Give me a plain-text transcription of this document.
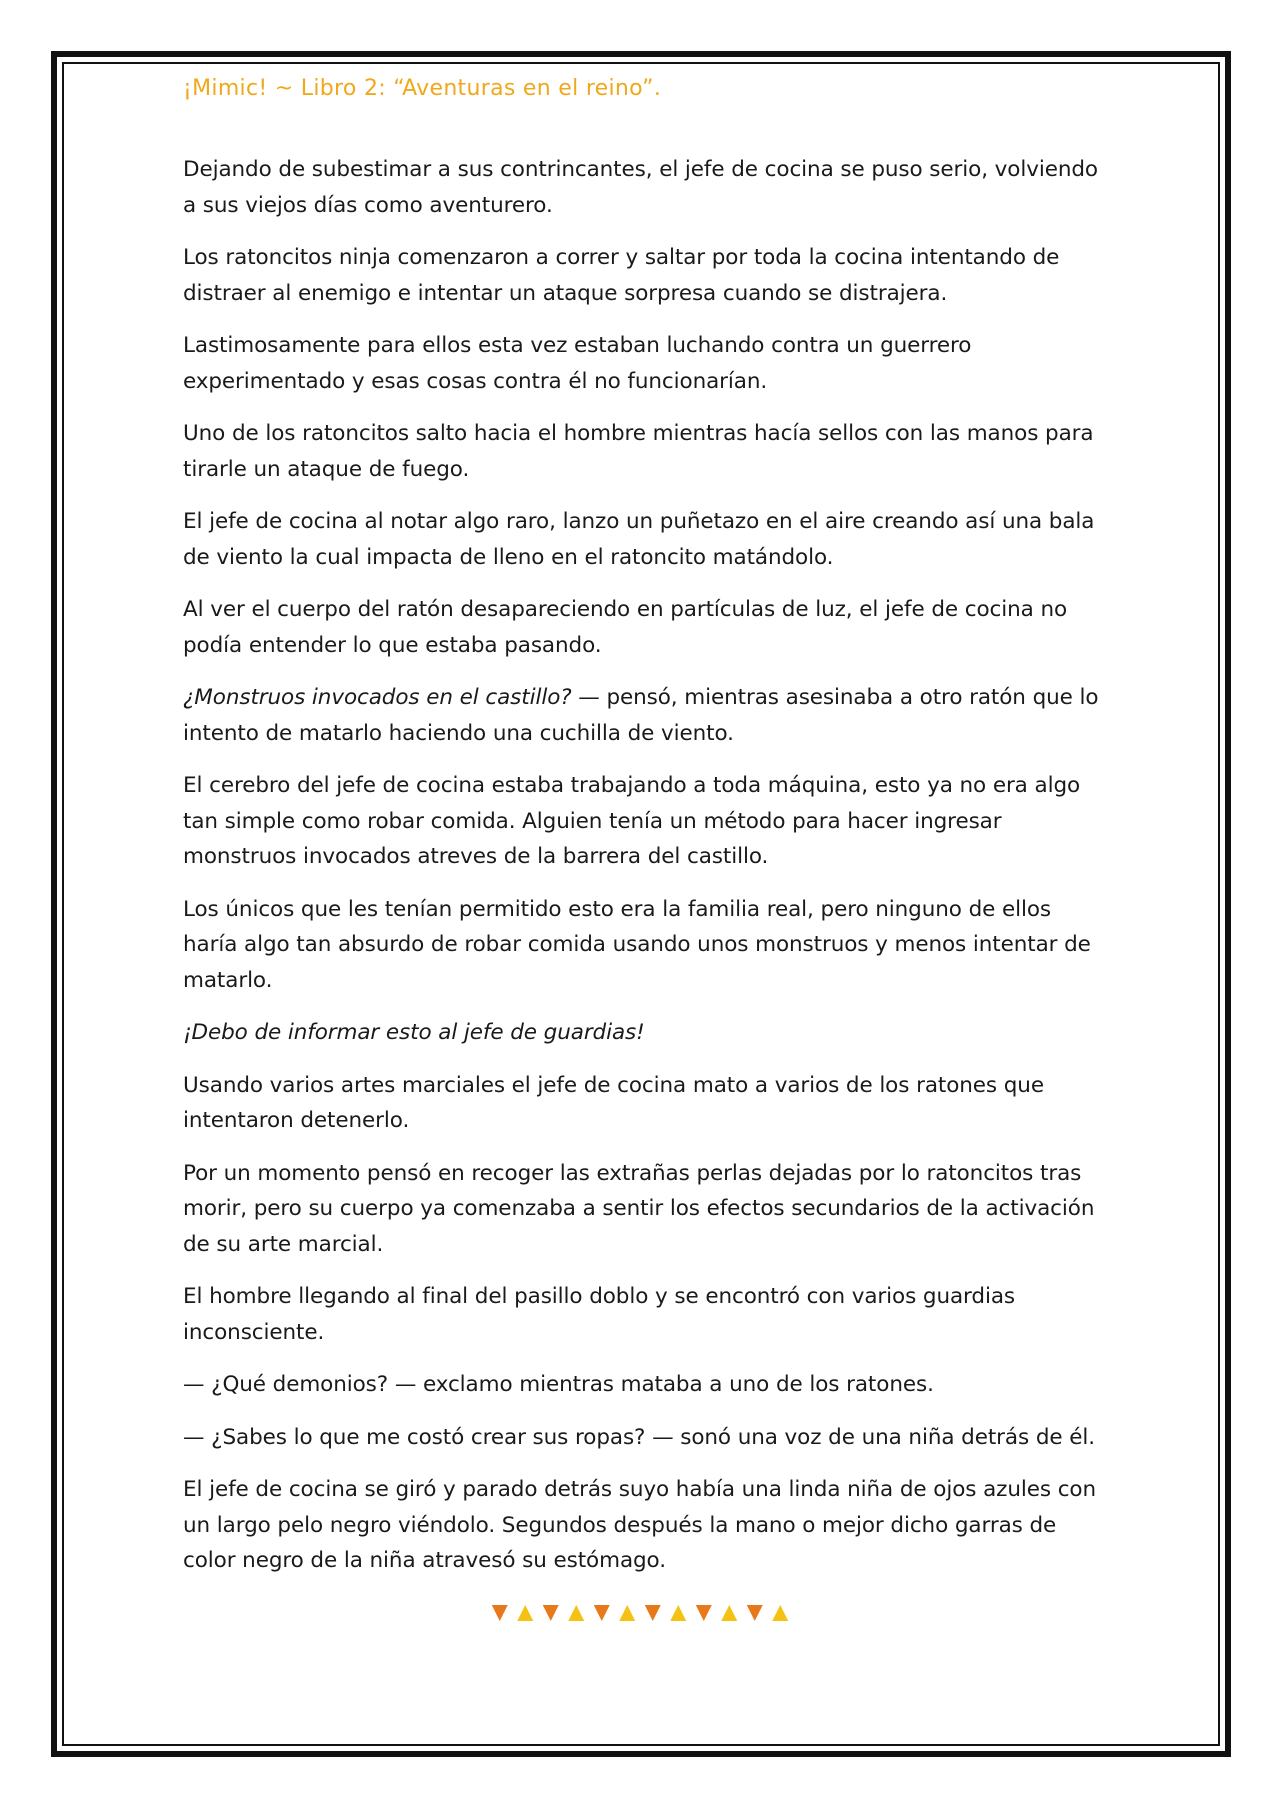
¡Mimic! ~ Libro 2: “Aventuras en el reino”.

Dejando de subestimar a sus contrincantes, el jefe de cocina se puso serio, volviendo a sus viejos días como aventurero.

Los ratoncitos ninja comenzaron a correr y saltar por toda la cocina intentando de distraer al enemigo e intentar un ataque sorpresa cuando se distrajera.

Lastimosamente para ellos esta vez estaban luchando contra un guerrero experimentado y esas cosas contra él no funcionarían.

Uno de los ratoncitos salto hacia el hombre mientras hacía sellos con las manos para tirarle un ataque de fuego.

El jefe de cocina al notar algo raro, lanzo un puñetazo en el aire creando así una bala de viento la cual impacta de lleno en el ratoncito matándolo.

Al ver el cuerpo del ratón desapareciendo en partículas de luz, el jefe de cocina no podía entender lo que estaba pasando.

¿Monstruos invocados en el castillo? — pensó, mientras asesinaba a otro ratón que lo intento de matarlo haciendo una cuchilla de viento.

El cerebro del jefe de cocina estaba trabajando a toda máquina, esto ya no era algo tan simple como robar comida. Alguien tenía un método para hacer ingresar monstruos invocados atreves de la barrera del castillo.

Los únicos que les tenían permitido esto era la familia real, pero ninguno de ellos haría algo tan absurdo de robar comida usando unos monstruos y menos intentar de matarlo.

¡Debo de informar esto al jefe de guardias!

Usando varios artes marciales el jefe de cocina mato a varios de los ratones que intentaron detenerlo.

Por un momento pensó en recoger las extrañas perlas dejadas por lo ratoncitos tras morir, pero su cuerpo ya comenzaba a sentir los efectos secundarios de la activación de su arte marcial.

El hombre llegando al final del pasillo doblo y se encontró con varios guardias inconsciente.

— ¿Qué demonios? — exclamo mientras mataba a uno de los ratones.

— ¿Sabes lo que me costó crear sus ropas? — sonó una voz de una niña detrás de él.

El jefe de cocina se giró y parado detrás suyo había una linda niña de ojos azules con un largo pelo negro viéndolo. Segundos después la mano o mejor dicho garras de color negro de la niña atravesó su estómago.
